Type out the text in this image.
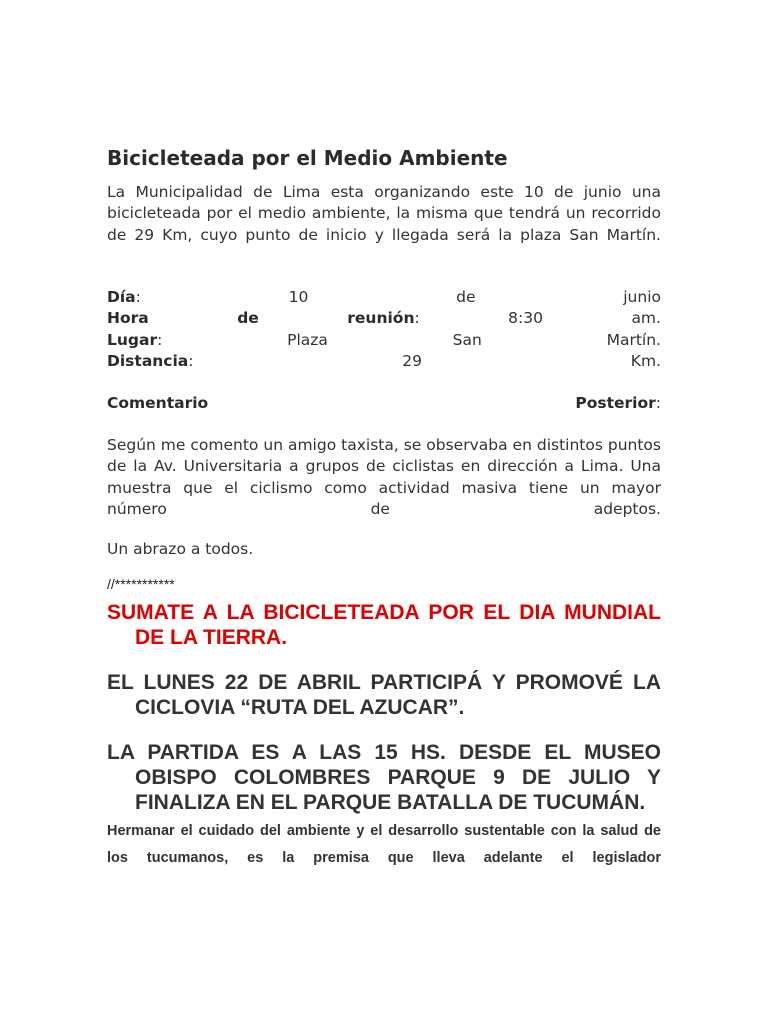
Bicicleteada por el Medio Ambiente

La Municipalidad de Lima esta organizando este 10 de junio una bicicleteada por el medio ambiente, la misma que tendrá un recorrido de 29 Km, cuyo punto de inicio y llegada será la plaza San Martín.

Día:	10	de	junio
Hora	de	reunión:	8:30	am.
Lugar:	Plaza	San	Martín.
Distancia:	29	Km.
Comentario	Posterior:

Según me comento un amigo taxista, se observaba en distintos puntos de la Av. Universitaria a grupos de ciclistas en dirección a Lima. Una muestra que el ciclismo como actividad masiva tiene un mayor número de adeptos.

Un abrazo a todos.
//***********

SUMATE A LA BICICLETEADA POR EL DIA MUNDIAL DE LA TIERRA.

EL LUNES 22 DE ABRIL PARTICIPÁ Y PROMOVÉ LA CICLOVIA “RUTA DEL AZUCAR”.

LA PARTIDA ES A LAS 15 HS. DESDE EL MUSEO OBISPO COLOMBRES PARQUE 9 DE JULIO Y FINALIZA EN EL PARQUE BATALLA DE TUCUMÁN.

Hermanar el cuidado del ambiente y el desarrollo sustentable con la salud de los tucumanos, es la premisa que lleva adelante el legislador
